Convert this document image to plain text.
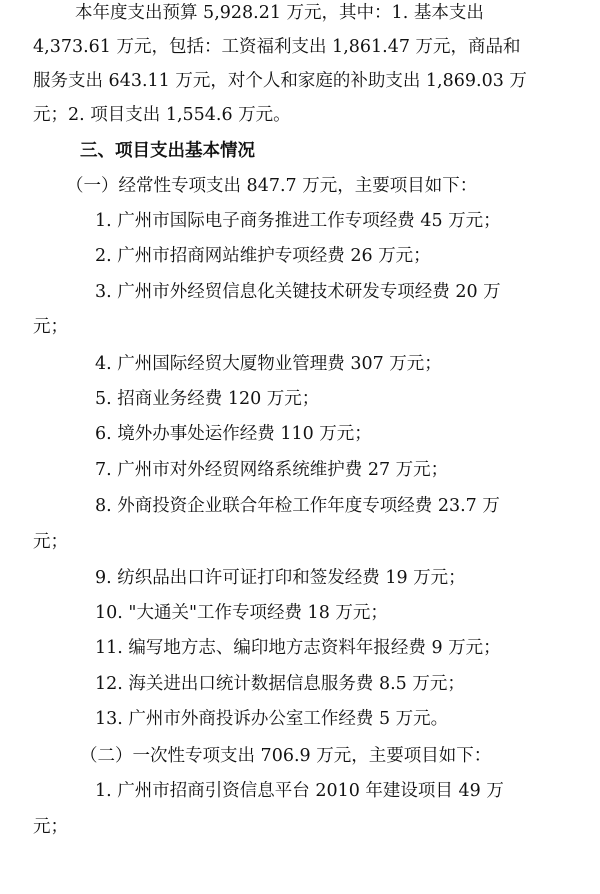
本年度支出预算 5,928.21 万元，其中：1. 基本支出
4,373.61 万元，包括：工资福利支出 1,861.47 万元，商品和
服务支出 643.11 万元，对个人和家庭的补助支出 1,869.03 万
元；2. 项目支出 1,554.6 万元。
三、项目支出基本情况
（一）经常性专项支出 847.7 万元，主要项目如下：
1. 广州市国际电子商务推进工作专项经费 45 万元；
2. 广州市招商网站维护专项经费 26 万元；
3. 广州市外经贸信息化关键技术研发专项经费 20 万
元；
4. 广州国际经贸大厦物业管理费 307 万元；
5. 招商业务经费 120 万元；
6. 境外办事处运作经费 110 万元；
7. 广州市对外经贸网络系统维护费 27 万元；
8. 外商投资企业联合年检工作年度专项经费 23.7 万
元；
9. 纺织品出口许可证打印和签发经费 19 万元；
10. "大通关"工作专项经费 18 万元；
11. 编写地方志、编印地方志资料年报经费 9 万元；
12. 海关进出口统计数据信息服务费 8.5 万元；
13. 广州市外商投诉办公室工作经费 5 万元。
（二）一次性专项支出 706.9 万元，主要项目如下：
1. 广州市招商引资信息平台 2010 年建设项目 49 万
元；
